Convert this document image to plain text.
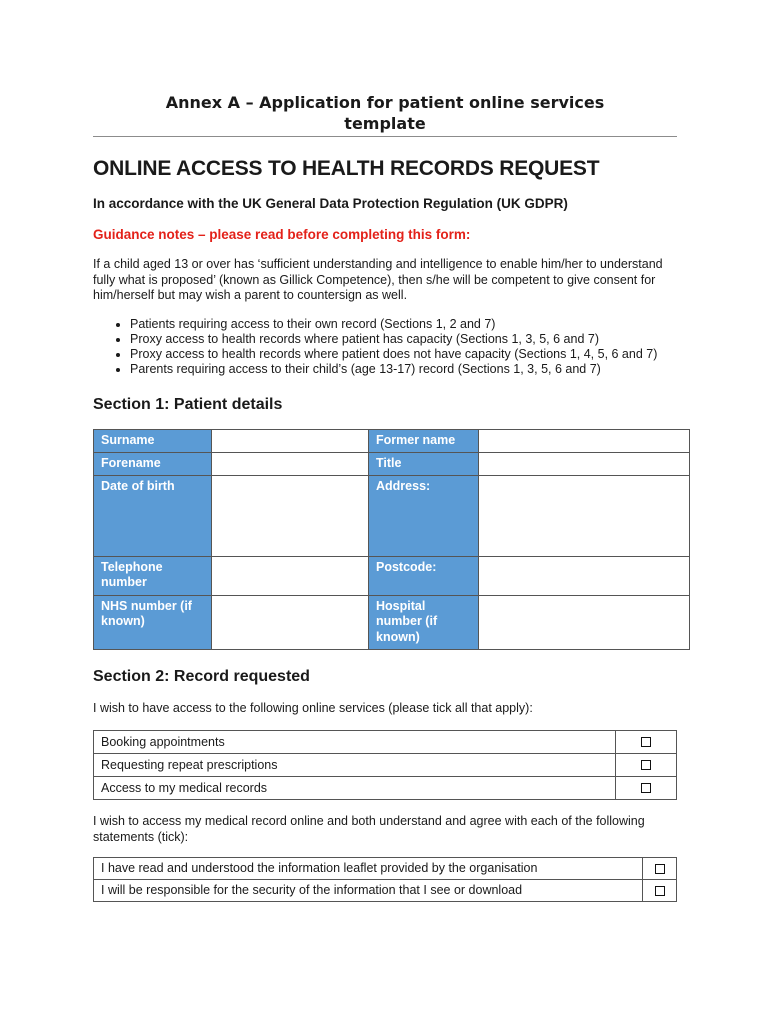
Annex A – Application for patient online services template
ONLINE ACCESS TO HEALTH RECORDS REQUEST
In accordance with the UK General Data Protection Regulation (UK GDPR)
Guidance notes – please read before completing this form:
If a child aged 13 or over has ‘sufficient understanding and intelligence to enable him/her to understand fully what is proposed’ (known as Gillick Competence), then s/he will be competent to give consent for him/herself but may wish a parent to countersign as well.
• Patients requiring access to their own record (Sections 1, 2 and 7)
• Proxy access to health records where patient has capacity (Sections 1, 3, 5, 6 and 7)
• Proxy access to health records where patient does not have capacity (Sections 1, 4, 5, 6 and 7)
• Parents requiring access to their child’s (age 13-17) record (Sections 1, 3, 5, 6 and 7)
Section 1: Patient details
Surname		Former name	
Forename		Title	
Date of birth		Address:	
Telephone number		Postcode:	
NHS number (if known)		Hospital number (if known)	
Section 2: Record requested
I wish to have access to the following online services (please tick all that apply):
Booking appointments	
Requesting repeat prescriptions	
Access to my medical records	
I wish to access my medical record online and both understand and agree with each of the following statements (tick):
I have read and understood the information leaflet provided by the organisation	
I will be responsible for the security of the information that I see or download	
